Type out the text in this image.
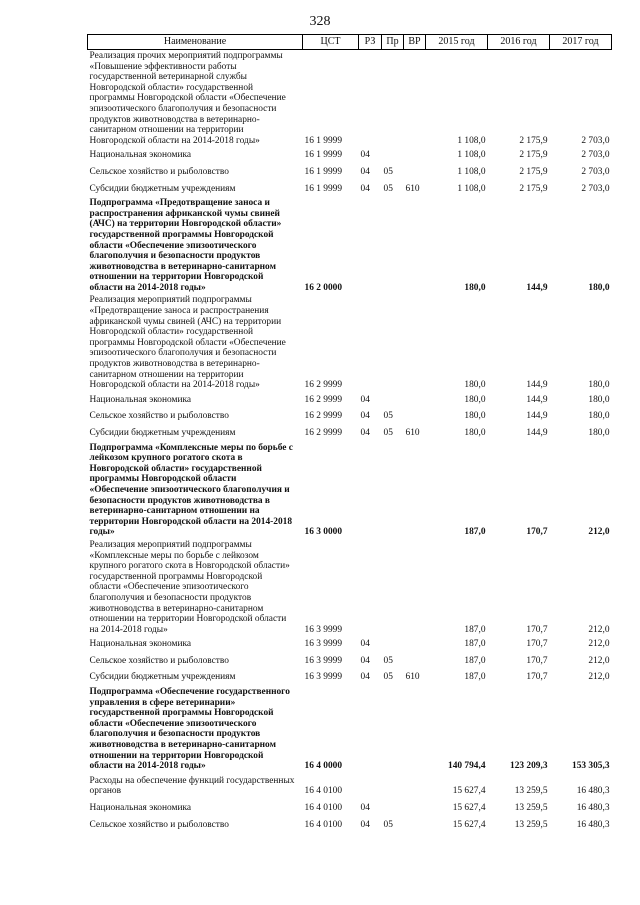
328
Наименование	ЦСТ	РЗ	Пр	ВР	2015 год	2016 год	2017 год
Реализация прочих мероприятий подпрограммы «Повышение эффективности работы государственной ветеринарной службы Новгородской области» государственной программы Новгородской области «Обеспечение эпизоотического благополучия и безопасности продуктов животноводства в ветеринарно-санитарном отношении на территории Новгородской области на 2014-2018 годы»	16 1 9999				1 108,0	2 175,9	2 703,0
Национальная экономика	16 1 9999	04			1 108,0	2 175,9	2 703,0
Сельское хозяйство и рыболовство	16 1 9999	04	05		1 108,0	2 175,9	2 703,0
Субсидии бюджетным учреждениям	16 1 9999	04	05	610	1 108,0	2 175,9	2 703,0
Подпрограмма «Предотвращение заноса и распространения африканской чумы свиней (АЧС) на территории Новгородской области» государственной программы Новгородской области «Обеспечение эпизоотического благополучия и безопасности продуктов животноводства в ветеринарно-санитарном отношении на территории Новгородской области на 2014-2018 годы»	16 2 0000				180,0	144,9	180,0
Реализация мероприятий подпрограммы «Предотвращение заноса и распространения африканской чумы свиней (АЧС) на территории Новгородской области» государственной программы Новгородской области «Обеспечение эпизоотического благополучия и безопасности продуктов животноводства в ветеринарно-санитарном отношении на территории Новгородской области на 2014-2018 годы»	16 2 9999				180,0	144,9	180,0
Национальная экономика	16 2 9999	04			180,0	144,9	180,0
Сельское хозяйство и рыболовство	16 2 9999	04	05		180,0	144,9	180,0
Субсидии бюджетным учреждениям	16 2 9999	04	05	610	180,0	144,9	180,0
Подпрограмма «Комплексные меры по борьбе с лейкозом крупного рогатого скота в Новгородской области» государственной программы Новгородской области «Обеспечение эпизоотического благополучия и безопасности продуктов животноводства в ветеринарно-санитарном отношении на территории Новгородской области на 2014-2018 годы»	16 3 0000				187,0	170,7	212,0
Реализация мероприятий подпрограммы «Комплексные меры по борьбе с лейкозом крупного рогатого скота в Новгородской области» государственной программы Новгородской области «Обеспечение эпизоотического благополучия и безопасности продуктов животноводства в ветеринарно-санитарном отношении на территории Новгородской области на 2014-2018 годы»	16 3 9999				187,0	170,7	212,0
Национальная экономика	16 3 9999	04			187,0	170,7	212,0
Сельское хозяйство и рыболовство	16 3 9999	04	05		187,0	170,7	212,0
Субсидии бюджетным учреждениям	16 3 9999	04	05	610	187,0	170,7	212,0
Подпрограмма «Обеспечение государственного управления в сфере ветеринарии» государственной программы Новгородской области «Обеспечение эпизоотического благополучия и безопасности продуктов животноводства в ветеринарно-санитарном отношении на территории Новгородской области на 2014-2018 годы»	16 4 0000				140 794,4	123 209,3	153 305,3
Расходы на обеспечение функций государственных органов	16 4 0100				15 627,4	13 259,5	16 480,3
Национальная экономика	16 4 0100	04			15 627,4	13 259,5	16 480,3
Сельское хозяйство и рыболовство	16 4 0100	04	05		15 627,4	13 259,5	16 480,3
